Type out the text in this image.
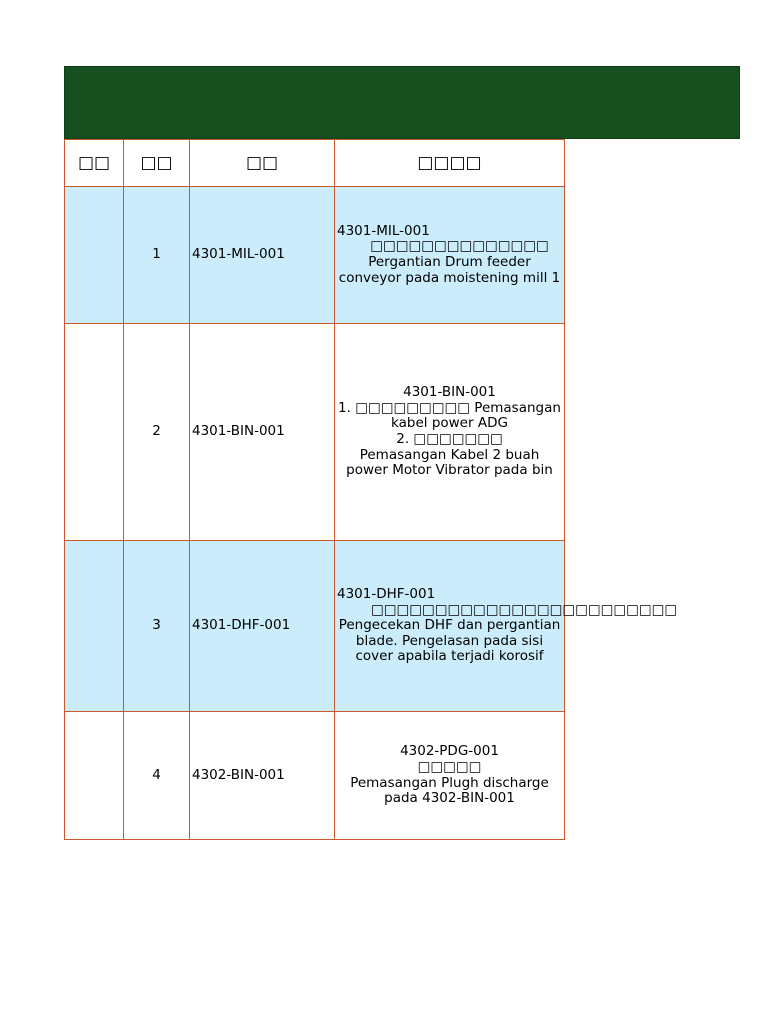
□□	□□	□□	□□□□
	1	4301-MIL-001	4301-MIL-001
□□□□□□□□□□□□□□ Pergantian Drum feeder conveyor pada moistening mill 1

	2	4301-BIN-001	4301-BIN-001
1. □□□□□□□□□ Pemasangan kabel power ADG
2. □□□□□□□
Pemasangan Kabel 2 buah power Motor Vibrator pada bin

	3	4301-DHF-001	4301-DHF-001
□□□□□□□□□□□□□□□□□□□□□□□□
Pengecekan DHF dan pergantian blade. Pengelasan pada sisi cover apabila terjadi korosif

	4	4302-BIN-001	4302-PDG-001
□□□□□
Pemasangan Plugh discharge pada 4302-BIN-001
